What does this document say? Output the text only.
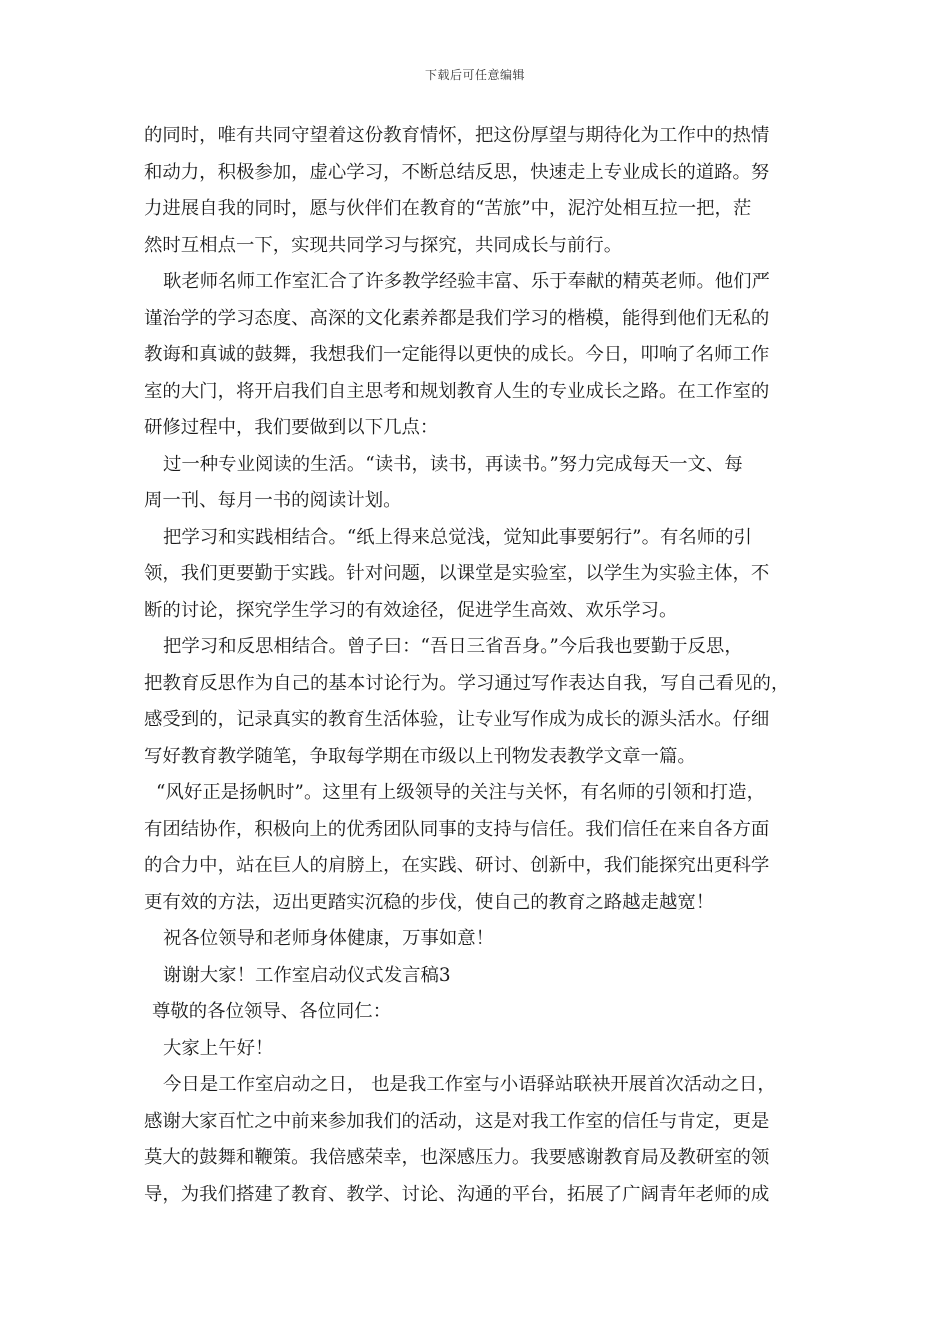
下载后可任意编辑
的同时，唯有共同守望着这份教育情怀，把这份厚望与期待化为工作中的热情
和动力，积极参加，虚心学习，不断总结反思，快速走上专业成长的道路。努
力进展自我的同时，愿与伙伴们在教育的“苦旅”中，泥泞处相互拉一把，茫
然时互相点一下，实现共同学习与探究，共同成长与前行。
耿老师名师工作室汇合了许多教学经验丰富、乐于奉献的精英老师。他们严
谨治学的学习态度、高深的文化素养都是我们学习的楷模，能得到他们无私的
教诲和真诚的鼓舞，我想我们一定能得以更快的成长。今日，叩响了名师工作
室的大门，将开启我们自主思考和规划教育人生的专业成长之路。在工作室的
研修过程中，我们要做到以下几点：
过一种专业阅读的生活。“读书，读书，再读书。”努力完成每天一文、每
周一刊、每月一书的阅读计划。
把学习和实践相结合。“纸上得来总觉浅，觉知此事要躬行”。有名师的引
领，我们更要勤于实践。针对问题，以课堂是实验室，以学生为实验主体，不
断的讨论，探究学生学习的有效途径，促进学生高效、欢乐学习。
把学习和反思相结合。曾子曰：“吾日三省吾身。”今后我也要勤于反思，
把教育反思作为自己的基本讨论行为。学习通过写作表达自我，写自己看见的，
感受到的，记录真实的教育生活体验，让专业写作成为成长的源头活水。仔细
写好教育教学随笔，争取每学期在市级以上刊物发表教学文章一篇。
“风好正是扬帆时”。这里有上级领导的关注与关怀，有名师的引领和打造，
有团结协作，积极向上的优秀团队同事的支持与信任。我们信任在来自各方面
的合力中，站在巨人的肩膀上，在实践、研讨、创新中，我们能探究出更科学
更有效的方法，迈出更踏实沉稳的步伐，使自己的教育之路越走越宽！
祝各位领导和老师身体健康，万事如意！
谢谢大家！工作室启动仪式发言稿3
尊敬的各位领导、各位同仁：
大家上午好！
今日是工作室启动之日， 也是我工作室与小语驿站联袂开展首次活动之日，
感谢大家百忙之中前来参加我们的活动，这是对我工作室的信任与肯定，更是
莫大的鼓舞和鞭策。我倍感荣幸，也深感压力。我要感谢教育局及教研室的领
导，为我们搭建了教育、教学、讨论、沟通的平台，拓展了广阔青年老师的成
